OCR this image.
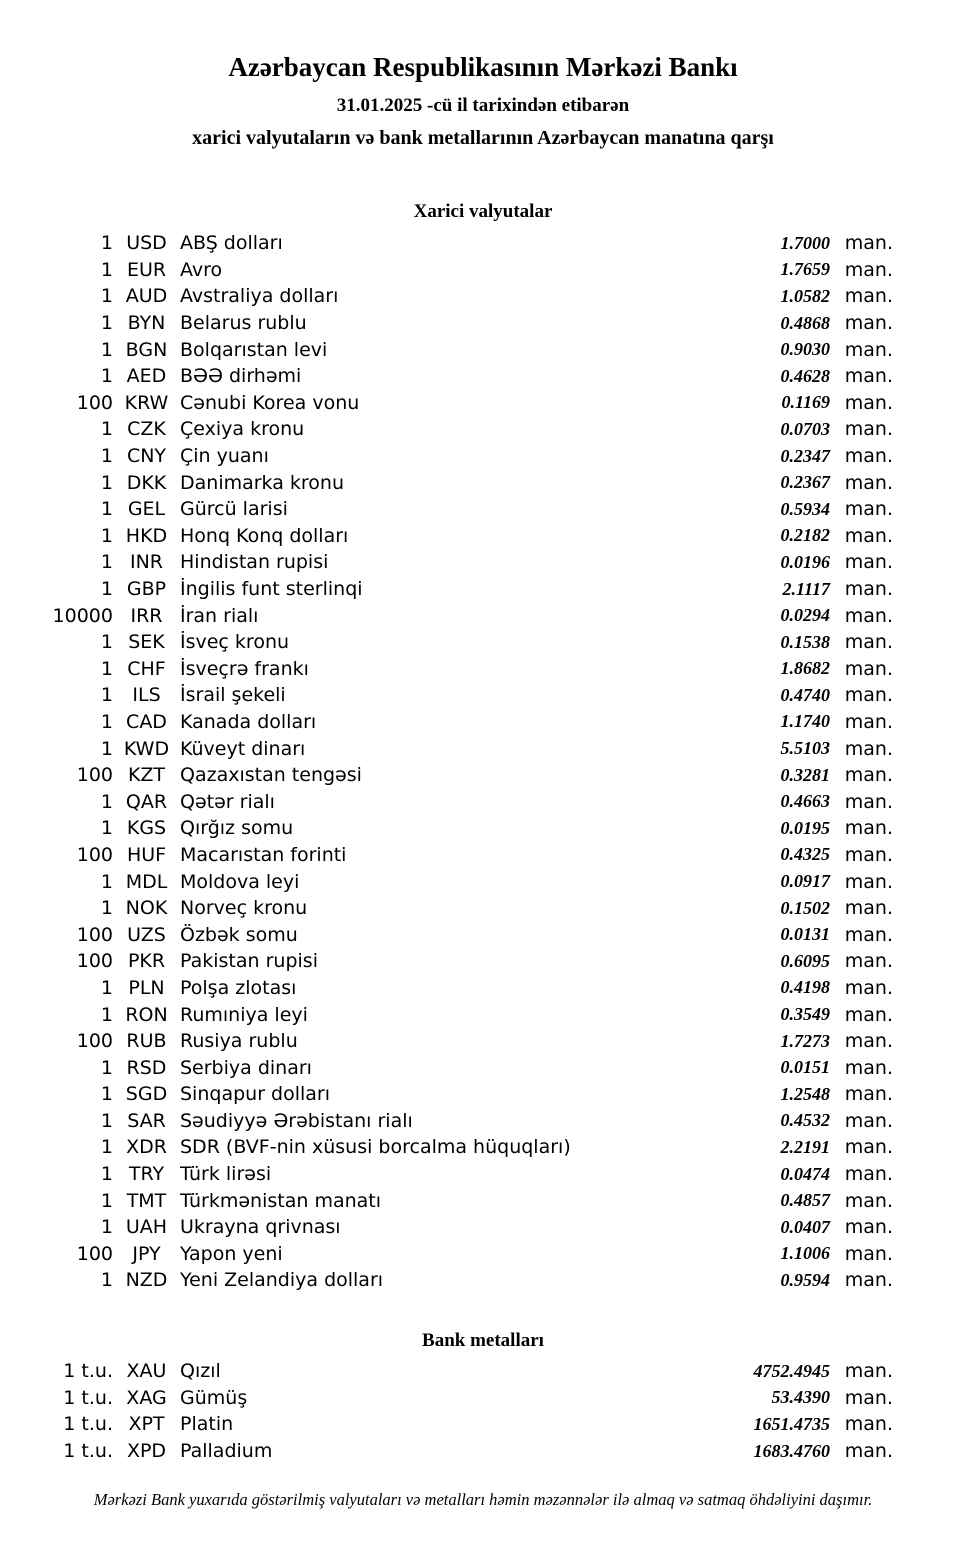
Azərbaycan Respublikasının Mərkəzi Bankı
31.01.2025 -cü il tarixindən etibarən
xarici valyutaların və bank metallarının Azərbaycan manatına qarşı
Xarici valyutalar
1 USD ABŞ dolları	1.7000 man.
1 EUR Avro	1.7659 man.
1 AUD Avstraliya dolları	1.0582 man.
1 BYN Belarus rublu	0.4868 man.
1 BGN Bolqarıstan levi	0.9030 man.
1 AED BƏƏ dirhəmi	0.4628 man.
100 KRW Cənubi Korea vonu	0.1169 man.
1 CZK Çexiya kronu	0.0703 man.
1 CNY Çin yuanı	0.2347 man.
1 DKK Danimarka kronu	0.2367 man.
1 GEL Gürcü larisi	0.5934 man.
1 HKD Honq Konq dolları	0.2182 man.
1 INR Hindistan rupisi	0.0196 man.
1 GBP İngilis funt sterlinqi	2.1117 man.
10000 IRR İran rialı	0.0294 man.
1 SEK İsveç kronu	0.1538 man.
1 CHF İsveçrə frankı	1.8682 man.
1	ILS	İsrail şekeli	0.4740 man.
1 CAD Kanada dolları	1.1740 man.
1 KWD Küveyt dinarı	5.5103 man.
100 KZT Qazaxıstan tengəsi	0.3281 man.
1 QAR Qətər rialı	0.4663 man.
1 KGS Qırğız somu	0.0195 man.
100 HUF Macarıstan forinti	0.4325 man.
1 MDL Moldova leyi	0.0917 man.
1 NOK Norveç kronu	0.1502 man.
100 UZS Özbək somu	0.0131 man.
100 PKR Pakistan rupisi	0.6095 man.
1 PLN Polşa zlotası	0.4198 man.
1 RON Rumıniya leyi	0.3549 man.
100 RUB Rusiya rublu	1.7273 man.
1 RSD Serbiya dinarı	0.0151 man.
1 SGD Sinqapur dolları	1.2548 man.
1 SAR Səudiyyə Ərəbistanı rialı	0.4532 man.
1 XDR SDR (BVF-nin xüsusi borcalma hüquqları)	2.2191 man.
1 TRY Türk lirəsi	0.0474 man.
1 TMT Türkmənistan manatı	0.4857 man.
1 UAH Ukrayna qrivnası	0.0407 man.
100	JPY	Yapon yeni	1.1006 man.
1 NZD Yeni Zelandiya dolları	0.9594 man.
Bank metalları
1 t.u. XAU Qızıl	4752.4945 man.
1 t.u. XAG Gümüş	53.4390 man.
1 t.u. XPT Platin	1651.4735 man.
1 t.u. XPD Palladium	1683.4760 man.
Mərkəzi Bank yuxarıda göstərilmiş valyutaları və metalları həmin məzənnələr ilə almaq və satmaq öhdəliyini daşımır.
